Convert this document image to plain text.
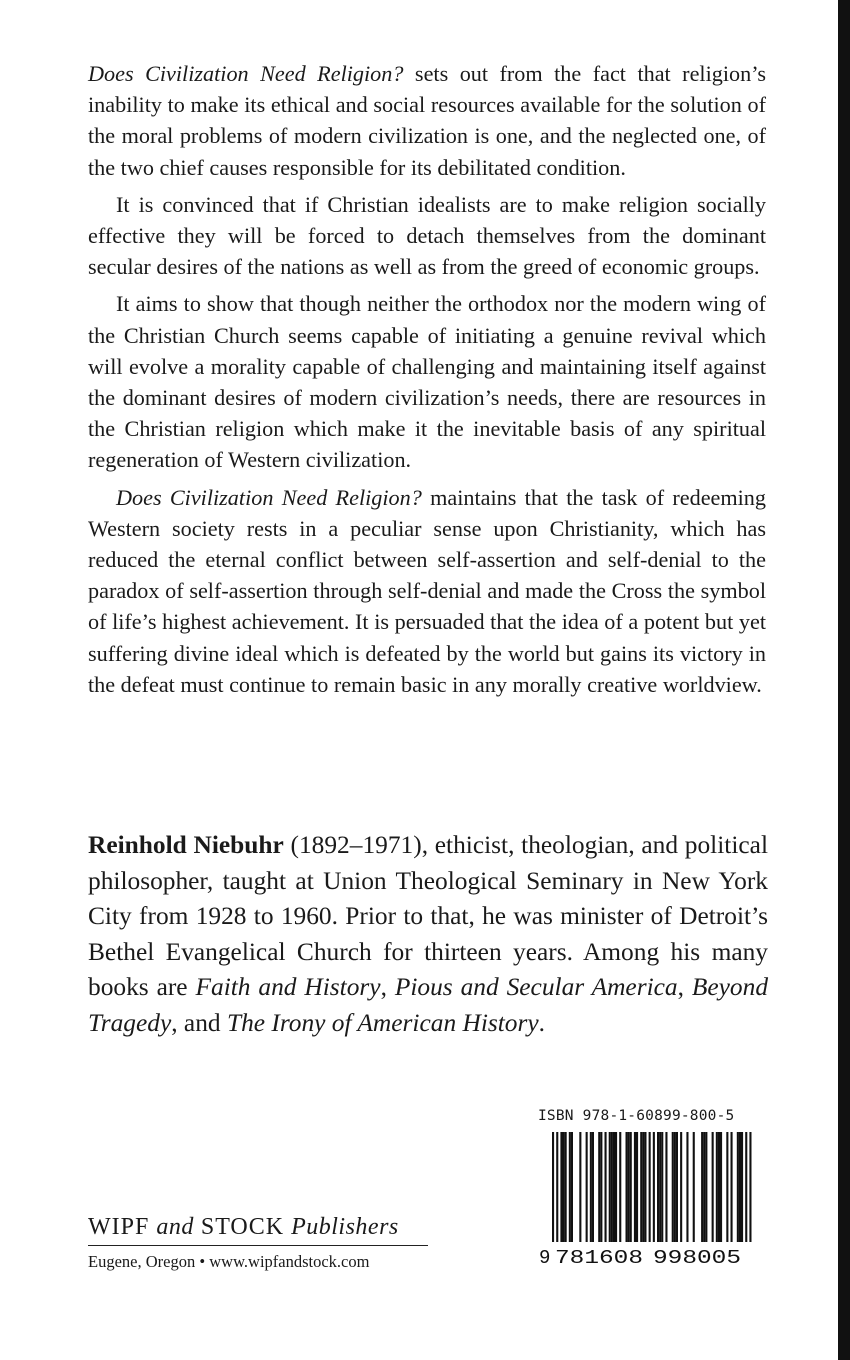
Does Civilization Need Religion? sets out from the fact that religion’s inability to make its ethical and social resources available for the solution of the moral problems of modern civilization is one, and the neglected one, of the two chief causes responsible for its debilitated condition.

It is convinced that if Christian idealists are to make religion socially effective they will be forced to detach themselves from the dominant secular desires of the nations as well as from the greed of economic groups.

It aims to show that though neither the orthodox nor the modern wing of the Christian Church seems capable of initiating a genuine revival which will evolve a morality capable of challenging and maintaining itself against the dominant desires of modern civilization’s needs, there are resources in the Christian religion which make it the inevitable basis of any spiritual regeneration of Western civilization.

Does Civilization Need Religion? maintains that the task of redeeming Western society rests in a peculiar sense upon Christianity, which has reduced the eternal conflict between self-assertion and self-denial to the paradox of self-assertion through self-denial and made the Cross the symbol of life’s highest achievement. It is persuaded that the idea of a potent but yet suffering divine ideal which is defeated by the world but gains its victory in the defeat must continue to remain basic in any morally creative worldview.

Reinhold Niebuhr (1892–1971), ethicist, theologian, and political philosopher, taught at Union Theological Seminary in New York City from 1928 to 1960. Prior to that, he was minister of Detroit’s Bethel Evangelical Church for thirteen years. Among his many books are Faith and History, Pious and Secular America, Beyond Tragedy, and The Irony of American History.

WIPF and STOCK Publishers
Eugene, Oregon • www.wipfandstock.com
ISBN 978-1-60899-800-5
9 781608 998005
